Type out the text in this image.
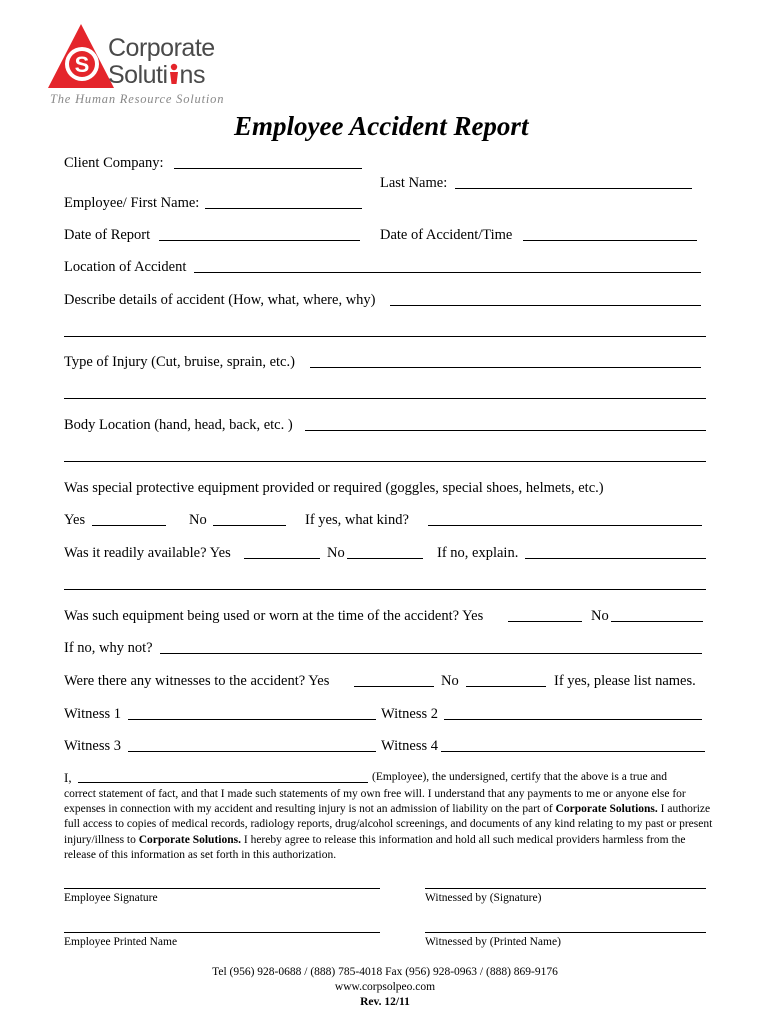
S
Corporate
Soluti ns
The Human Resource Solution
Employee Accident Report
Client Company:
Last Name:
Employee/ First Name:
Date of Report	Date of Accident/Time
Location of Accident
Describe details of accident (How, what, where, why)
Type of Injury (Cut, bruise, sprain, etc.)
Body Location (hand, head, back, etc. )
Was special protective equipment provided or required (goggles, special shoes, helmets, etc.)
Yes	No	If yes, what kind?
Was it readily available? Yes	No	If no, explain.
Was such equipment being used or worn at the time of the accident? Yes	No
If no, why not?
Were there any witnesses to the accident? Yes	No	If yes, please list names.
Witness 1	Witness 2
Witness 3	Witness 4
I,	(Employee), the undersigned, certify that the above is a true and
correct statement of fact, and that I made such statements of my own free will. I understand that any payments to me or anyone else for expenses in connection with my accident and resulting injury is not an admission of liability on the part of Corporate Solutions. I authorize full access to copies of medical records, radiology reports, drug/alcohol screenings, and documents of any kind relating to my past or present injury/illness to Corporate Solutions. I hereby agree to release this information and hold all such medical providers harmless from the release of this information as set forth in this authorization.
Employee Signature	Witnessed by (Signature)
Employee Printed Name	Witnessed by (Printed Name)
Tel (956) 928-0688 / (888) 785-4018 Fax (956) 928-0963 / (888) 869-9176
www.corpsolpeo.com
Rev. 12/11
